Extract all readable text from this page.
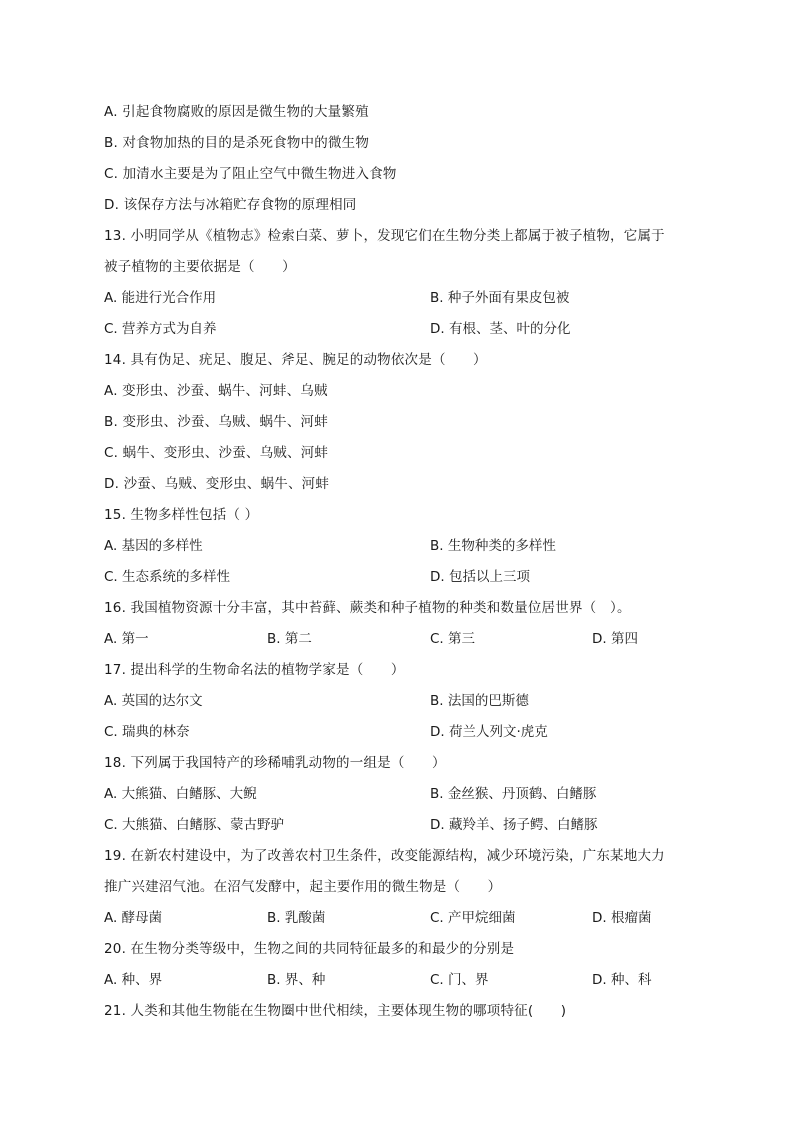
A. 引起食物腐败的原因是微生物的大量繁殖
B. 对食物加热的目的是杀死食物中的微生物
C. 加清水主要是为了阻止空气中微生物进入食物
D. 该保存方法与冰箱贮存食物的原理相同
13. 小明同学从《植物志》检索白菜、萝卜，发现它们在生物分类上都属于被子植物，它属于
被子植物的主要依据是（　　）
A. 能进行光合作用	B. 种子外面有果皮包被
C. 营养方式为自养	D. 有根、茎、叶的分化
14. 具有伪足、疣足、腹足、斧足、腕足的动物依次是（　　）
A. 变形虫、沙蚕、蜗牛、河蚌、乌贼
B. 变形虫、沙蚕、乌贼、蜗牛、河蚌
C. 蜗牛、变形虫、沙蚕、乌贼、河蚌
D. 沙蚕、乌贼、变形虫、蜗牛、河蚌
15. 生物多样性包括（ ）
A. 基因的多样性	B. 生物种类的多样性
C. 生态系统的多样性	D. 包括以上三项
16. 我国植物资源十分丰富，其中苔藓、蕨类和种子植物的种类和数量位居世界（　）。
A. 第一	B. 第二	C. 第三	D. 第四
17. 提出科学的生物命名法的植物学家是（　　）
A. 英国的达尔文	B. 法国的巴斯德
C. 瑞典的林奈	D. 荷兰人列文·虎克
18. 下列属于我国特产的珍稀哺乳动物的一组是（　　）
A. 大熊猫、白鳍豚、大鲵	B. 金丝猴、丹顶鹤、白鳍豚
C. 大熊猫、白鳍豚、蒙古野驴	D. 藏羚羊、扬子鳄、白鳍豚
19. 在新农村建设中，为了改善农村卫生条件，改变能源结构，减少环境污染，广东某地大力
推广兴建沼气池。在沼气发酵中，起主要作用的微生物是（　　）
A. 酵母菌	B. 乳酸菌	C. 产甲烷细菌	D. 根瘤菌
20. 在生物分类等级中，生物之间的共同特征最多的和最少的分别是
A. 种、界	B. 界、种	C. 门、界	D. 种、科
21. 人类和其他生物能在生物圈中世代相续，主要体现生物的哪项特征(　　)
